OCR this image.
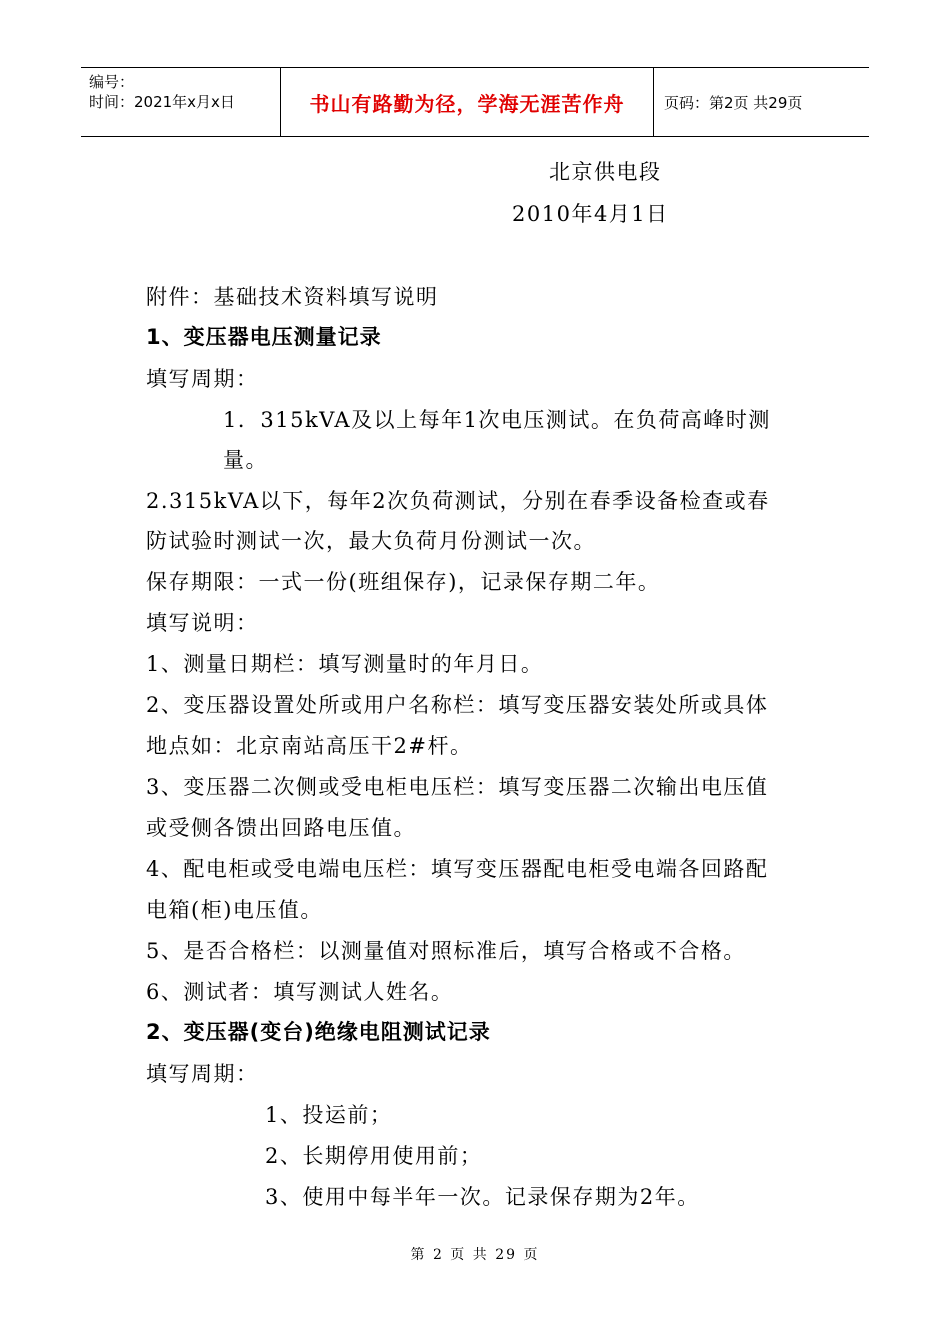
编号：
时间：2021年x月x日	书山有路勤为径，学海无涯苦作舟	页码：第2页 共29页
北京供电段
2010年4月1日
附件：基础技术资料填写说明
1、变压器电压测量记录
填写周期：
1．315kVA及以上每年1次电压测试。在负荷高峰时测
量。
2.315kVA以下，每年2次负荷测试，分别在春季设备检查或春
防试验时测试一次，最大负荷月份测试一次。
保存期限：一式一份(班组保存)，记录保存期二年。
填写说明：
1、测量日期栏：填写测量时的年月日。
2、变压器设置处所或用户名称栏：填写变压器安装处所或具体
地点如：北京南站高压干2#杆。
3、变压器二次侧或受电柜电压栏：填写变压器二次输出电压值
或受侧各馈出回路电压值。
4、配电柜或受电端电压栏：填写变压器配电柜受电端各回路配
电箱(柜)电压值。
5、是否合格栏：以测量值对照标准后，填写合格或不合格。
6、测试者：填写测试人姓名。
2、变压器(变台)绝缘电阻测试记录
填写周期：
1、投运前；
2、长期停用使用前；
3、使用中每半年一次。记录保存期为2年。
第 2 页 共 29 页
